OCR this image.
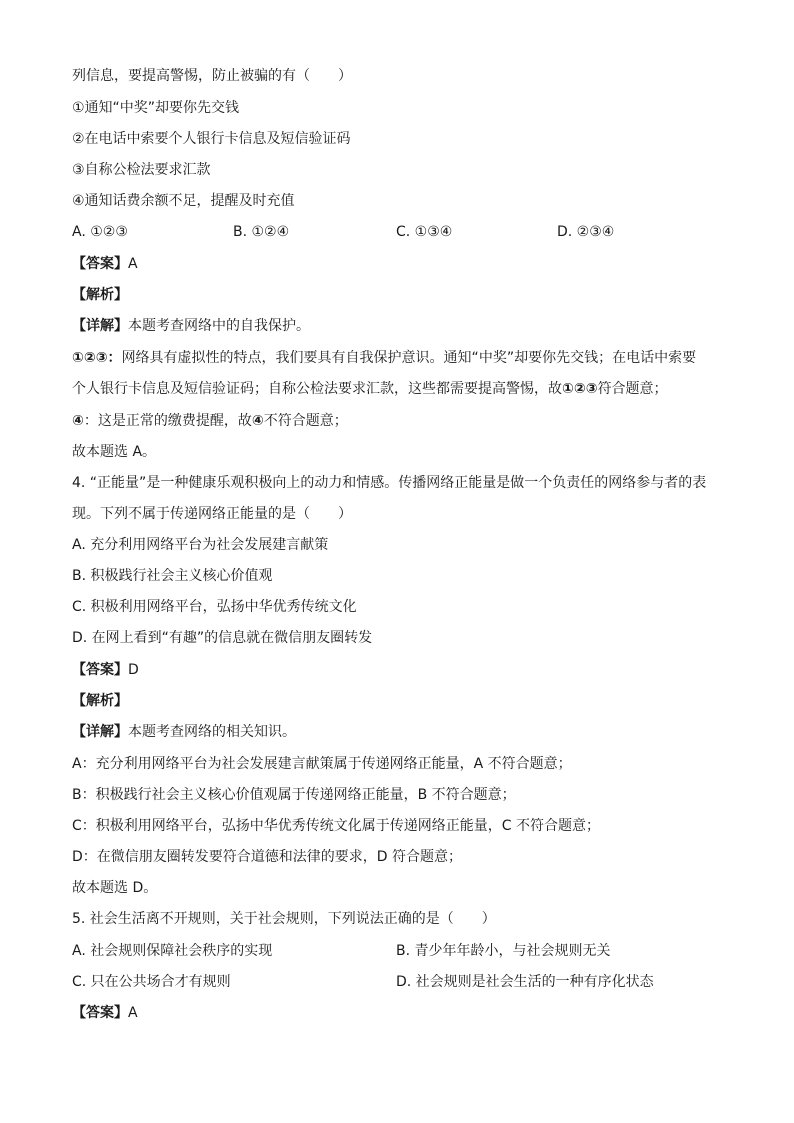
列信息，要提高警惕，防止被骗的有（　　）
①通知“中奖”却要你先交钱
②在电话中索要个人银行卡信息及短信验证码
③自称公检法要求汇款
④通知话费余额不足，提醒及时充值
A. ①②③	B. ①②④	C. ①③④	D. ②③④
【答案】A
【解析】
【详解】本题考查网络中的自我保护。
①②③：网络具有虚拟性的特点，我们要具有自我保护意识。通知“中奖”却要你先交钱；在电话中索要
个人银行卡信息及短信验证码；自称公检法要求汇款，这些都需要提高警惕，故①②③符合题意；
④：这是正常的缴费提醒，故④不符合题意；
故本题选 A。
4. “正能量”是一种健康乐观积极向上的动力和情感。传播网络正能量是做一个负责任的网络参与者的表
现。下列不属于传递网络正能量的是（　　）
A. 充分利用网络平台为社会发展建言献策
B. 积极践行社会主义核心价值观
C. 积极利用网络平台，弘扬中华优秀传统文化
D. 在网上看到“有趣”的信息就在微信朋友圈转发
【答案】D
【解析】
【详解】本题考查网络的相关知识。
A：充分利用网络平台为社会发展建言献策属于传递网络正能量，A 不符合题意；
B：积极践行社会主义核心价值观属于传递网络正能量，B 不符合题意；
C：积极利用网络平台，弘扬中华优秀传统文化属于传递网络正能量，C 不符合题意；
D：在微信朋友圈转发要符合道德和法律的要求，D 符合题意；
故本题选 D。
5. 社会生活离不开规则，关于社会规则，下列说法正确的是（　　）
A. 社会规则保障社会秩序的实现	B. 青少年年龄小，与社会规则无关
C. 只在公共场合才有规则	D. 社会规则是社会生活的一种有序化状态
【答案】A
